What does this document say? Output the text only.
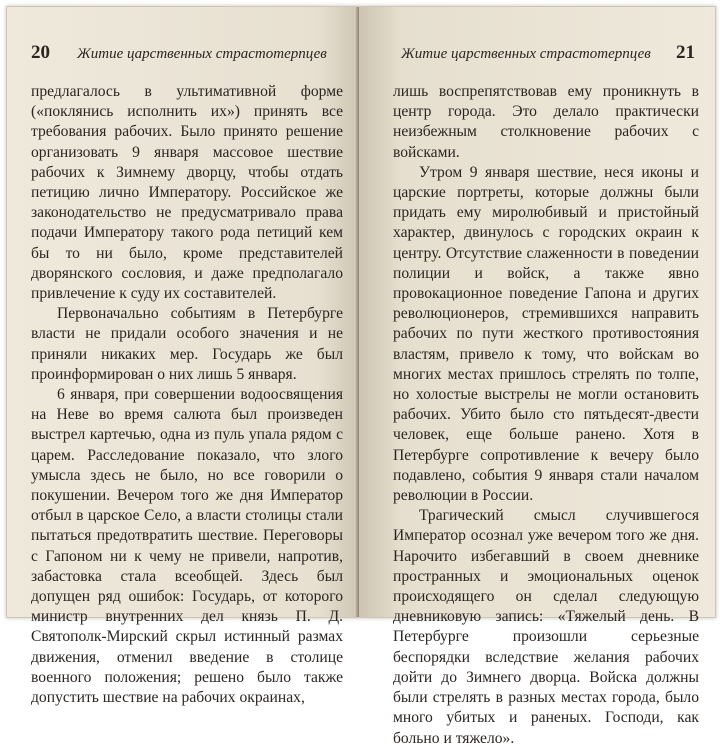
20 Житие царственных страстотерпцев

предлагалось в ультимативной форме («поклянись исполнить их») принять все требования рабочих. Было принято решение организовать 9 января массовое шествие рабочих к Зимнему дворцу, чтобы отдать петицию лично Императору. Российское же законодательство не предусматривало права подачи Императору такого рода петиций кем бы то ни было, кроме представителей дворянского сословия, и даже предполагало привлечение к суду их составителей.

Первоначально событиям в Петербурге власти не придали особого значения и не приняли никаких мер. Государь же был проинформирован о них лишь 5 января.

6 января, при совершении водоосвящения на Неве во время салюта был произведен выстрел картечью, одна из пуль упала рядом с царем. Расследование показало, что злого умысла здесь не было, но все говорили о покушении. Вечером того же дня Император отбыл в царское Село, а власти столицы стали пытаться предотвратить шествие. Переговоры с Гапоном ни к чему не привели, напротив, забастовка стала всеобщей. Здесь был допущен ряд ошибок: Государь, от которого министр внутренних дел князь П. Д. Святополк-Мирский скрыл истинный размах движения, отменил введение в столице военного положения; решено было также допустить шествие на рабочих окраинах,

Житие царственных страстотерпцев 21

лишь воспрепятствовав ему проникнуть в центр города. Это делало практически неизбежным столкновение рабочих с войсками.

Утром 9 января шествие, неся иконы и царские портреты, которые должны были придать ему миролюбивый и пристойный характер, двинулось с городских окраин к центру. Отсутствие слаженности в поведении полиции и войск, а также явно провокационное поведение Гапона и других революционеров, стремившихся направить рабочих по пути жесткого противостояния властям, привело к тому, что войскам во многих местах пришлось стрелять по толпе, но холостые выстрелы не могли остановить рабочих. Убито было сто пятьдесят-двести человек, еще больше ранено. Хотя в Петербурге сопротивление к вечеру было подавлено, события 9 января стали началом революции в России.

Трагический смысл случившегося Император осознал уже вечером того же дня. Нарочито избегавший в своем дневнике пространных и эмоциональных оценок происходящего он сделал следующую дневниковую запись: «Тяжелый день. В Петербурге произошли серьезные беспорядки вследствие желания рабочих дойти до Зимнего дворца. Войска должны были стрелять в разных местах города, было много убитых и раненых. Господи, как больно и тяжело».
